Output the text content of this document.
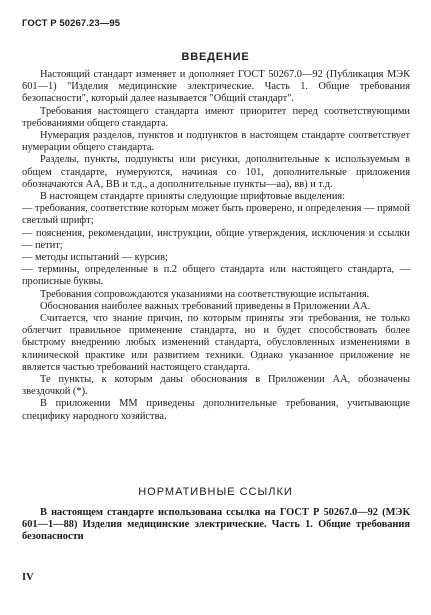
ГОСТ Р 50267.23—95
ВВЕДЕНИЕ

Настоящий стандарт изменяет и дополняет ГОСТ 50267.0—92 (Публикация МЭК 601—1) "Изделия медицинские электрические. Часть 1. Общие требования безопасности", который далее называется "Общий стандарт".

Требования настоящего стандарта имеют приоритет перед соответствующими требованиями общего стандарта.

Нумерация разделов, пунктов и подпунктов в настоящем стандарте соответствует нумерации общего стандарта.

Разделы, пункты, подпункты или рисунки, дополнительные к используемым в общем стандарте, нумеруются, начиная со 101, дополнительные приложения обозначаются АА, ВВ и т.д., а дополнительные пункты—аа), вв) и т.д.

В настоящем стандарте приняты следующие шрифтовые выделения:

— требования, соответствие которым может быть проверено, и определения — прямой светлый шрифт;

— пояснения, рекомендации, инструкции, общие утверждения, исключения и ссылки — петит;

— методы испытаний — курсив;

— термины, определенные в п.2 общего стандарта или настоящего стандарта, — прописные буквы.

Требования сопровождаются указаниями на соответствующие испытания.

Обоснования наиболее важных требований приведены в Приложении АА.

Считается, что знание причин, по которым приняты эти требования, не только облегчит правильное применение стандарта, но и будет способствовать более быстрому внедрению любых изменений стандарта, обусловленных изменениями в клинической практике или развитием техники. Однако указанное приложение не является частью требований настоящего стандарта.

Те пункты, к которым даны обоснования в Приложении АА, обозначены звездочкой (*).

В приложении ММ приведены дополнительные требования, учитывающие специфику народного хозяйства.

НОРМАТИВНЫЕ ССЫЛКИ

В настоящем стандарте использована ссылка на ГОСТ Р 50267.0—92 (МЭК 601—1—88) Изделия медицинские электрические. Часть 1. Общие требования безопасности

IV
